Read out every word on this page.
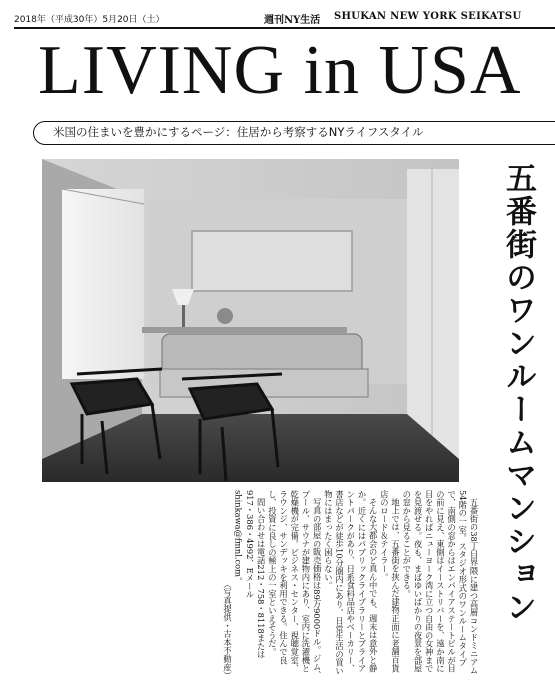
2018年（平成30年）5月20日（土）	週刊NY生活 SHUKAN NEW YORK SEIKATSU
LIVING in USA
米国の住まいを豊かにするページ：住居から考察するNYライフスタイル
五番街のワンルームマンション

五番街の38丁目界隈に建つ高層コンドミニアム54階の一室。スタジオ形式のワンルームタイプで、南側の窓からはエンパイアステートビルが目の前に見え、東側はイーストリバーを、遠か南に目をやればニューヨーク湾に立つ自由の女神までを見渡せる。夜も、まばゆいばかりの夜景を部屋の窓から見ることができる。

地上では、五番街を挟んだ建物正面に老舗百貨店のロード＆テイラー。

そんな大都会のど真ん中でも、週末は意外と静か。近くにはパブリックライブラリーとブライアントパークがあり、日系食料品店やベーカリー、書店などが徒歩10分圏内にあり、日常生活の買い物にはまったく困らない。

写真の部屋の販売価格は89万9000ドル。ジム、プール、サウナが建物内にあり、室内に洗濯機と乾燥機が完備。ビジネス・センター、視聴覚室、ラウンジ、サンデッキを利用できる。住んで良し、投資に良しの極上の一室といえそうだ。

問い合わせは電話212・758・8118または917・386・4992、Eメール shinkawa@fmnl.com。

（写真提供・古本不動産）
